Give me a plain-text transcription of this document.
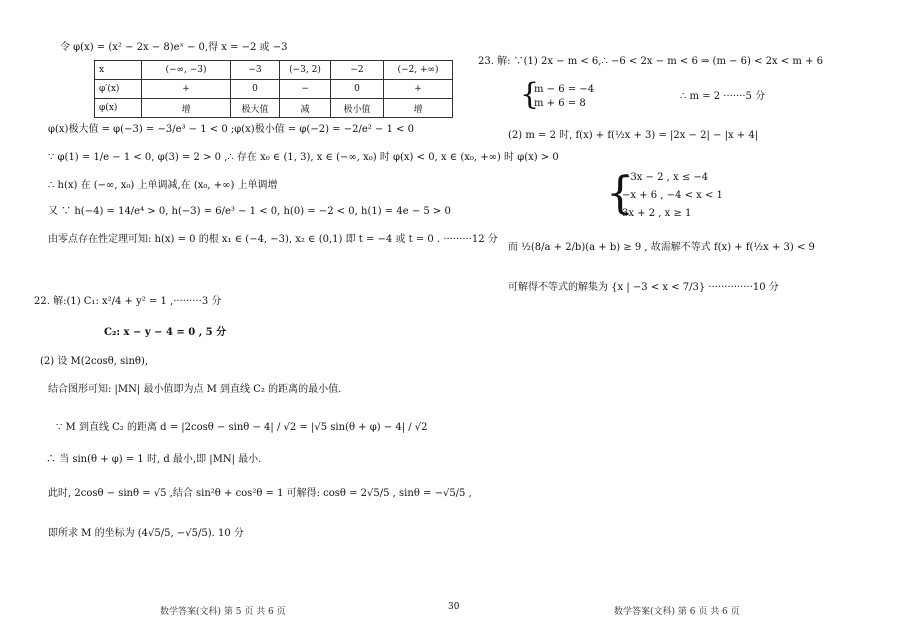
令 φ(x) = (x² − 2x − 8)eˣ − 0,得 x = −2 或 −3
x	(−∞, −3)	−3	(−3, 2)	−2	(−2, +∞)
φ′(x)	+	0	−	0	+
φ(x)	增	极大值	减	极小值	增
φ(x)极大值 = φ(−3) = −3/e³ − 1 < 0 ;φ(x)极小值 = φ(−2) = −2/e² − 1 < 0
∵ φ(1) = 1/e − 1 < 0, φ(3) = 2 > 0 ,∴ 存在 x₀ ∈ (1, 3), x ∈ (−∞, x₀) 时 φ(x) < 0, x ∈ (x₀, +∞) 时 φ(x) > 0
∴ h(x) 在 (−∞, x₀) 上单调减,在 (x₀, +∞) 上单调增
又 ∵ h(−4) = 14/e⁴ > 0, h(−3) = 6/e³ − 1 < 0, h(0) = −2 < 0, h(1) = 4e − 5 > 0
由零点存在性定理可知: h(x) = 0 的根 x₁ ∈ (−4, −3), x₂ ∈ (0,1) 即 t = −4 或 t = 0 . ·········12 分
22. 解:(1) C₁: x²/4 + y² = 1 ,·········3 分
C₂: x − y − 4 = 0 , 5 分
(2) 设 M(2cosθ, sinθ),
结合图形可知: |MN| 最小值即为点 M 到直线 C₂ 的距离的最小值.
∵ M 到直线 C₂ 的距离 d = |2cosθ − sinθ − 4| / √2 = |√5 sin(θ + φ) − 4| / √2
∴ 当 sin(θ + φ) = 1 时, d 最小,即 |MN| 最小.
此时, 2cosθ − sinθ = √5 ,结合 sin²θ + cos²θ = 1 可解得: cosθ = 2√5/5 , sinθ = −√5/5 ,
即所求 M 的坐标为 (4√5/5, −√5/5). 10 分
数学答案(文科) 第 5 页 共 6 页	30
23. 解: ∵(1) 2x − m < 6,∴ −6 < 2x − m < 6 ⇒ (m − 6) < 2x < m + 6
{
m − 6 = −4
m + 6 = 8
∴ m = 2 ·······5 分
(2) m = 2 时, f(x) + f(½x + 3) = |2x − 2| − |x + 4|
{
−3x − 2 , x ≤ −4
−x + 6 , −4 < x < 1
3x + 2 , x ≥ 1
而 ½(8/a + 2/b)(a + b) ≥ 9 , 故需解不等式 f(x) + f(½x + 3) < 9
可解得不等式的解集为 {x | −3 < x < 7/3} ··············10 分
数学答案(文科) 第 6 页 共 6 页
